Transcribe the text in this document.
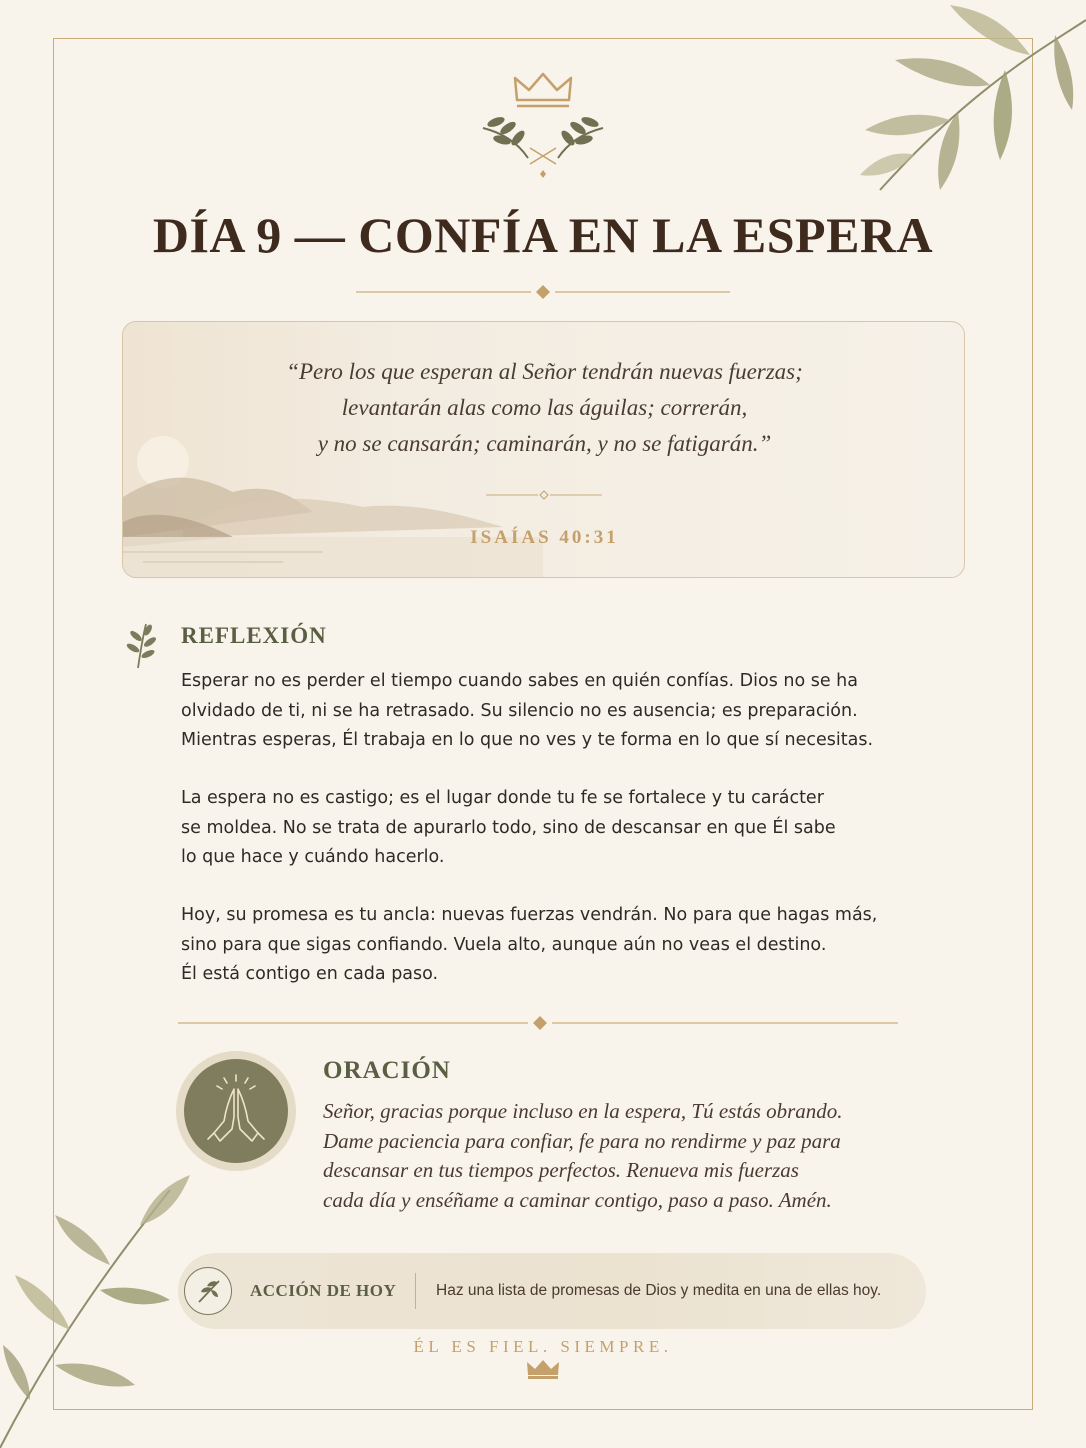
DÍA 9 — CONFÍA EN LA ESPERA

“Pero los que esperan al Señor tendrán nuevas fuerzas;
levantarán alas como las águilas; correrán,
y no se cansarán; caminarán, y no se fatigarán.”

ISAÍAS 40:31

REFLEXIÓN

Esperar no es perder el tiempo cuando sabes en quién confías. Dios no se ha
olvidado de ti, ni se ha retrasado. Su silencio no es ausencia; es preparación.
Mientras esperas, Él trabaja en lo que no ves y te forma en lo que sí necesitas.

La espera no es castigo; es el lugar donde tu fe se fortalece y tu carácter
se moldea. No se trata de apurarlo todo, sino de descansar en que Él sabe
lo que hace y cuándo hacerlo.

Hoy, su promesa es tu ancla: nuevas fuerzas vendrán. No para que hagas más,
sino para que sigas confiando. Vuela alto, aunque aún no veas el destino.
Él está contigo en cada paso.

ORACIÓN

Señor, gracias porque incluso en la espera, Tú estás obrando.
Dame paciencia para confiar, fe para no rendirme y paz para
descansar en tus tiempos perfectos. Renueva mis fuerzas
cada día y enséñame a caminar contigo, paso a paso. Amén.

ACCIÓN DE HOY	Haz una lista de promesas de Dios y medita en una de ellas hoy.

ÉL ES FIEL. SIEMPRE.
